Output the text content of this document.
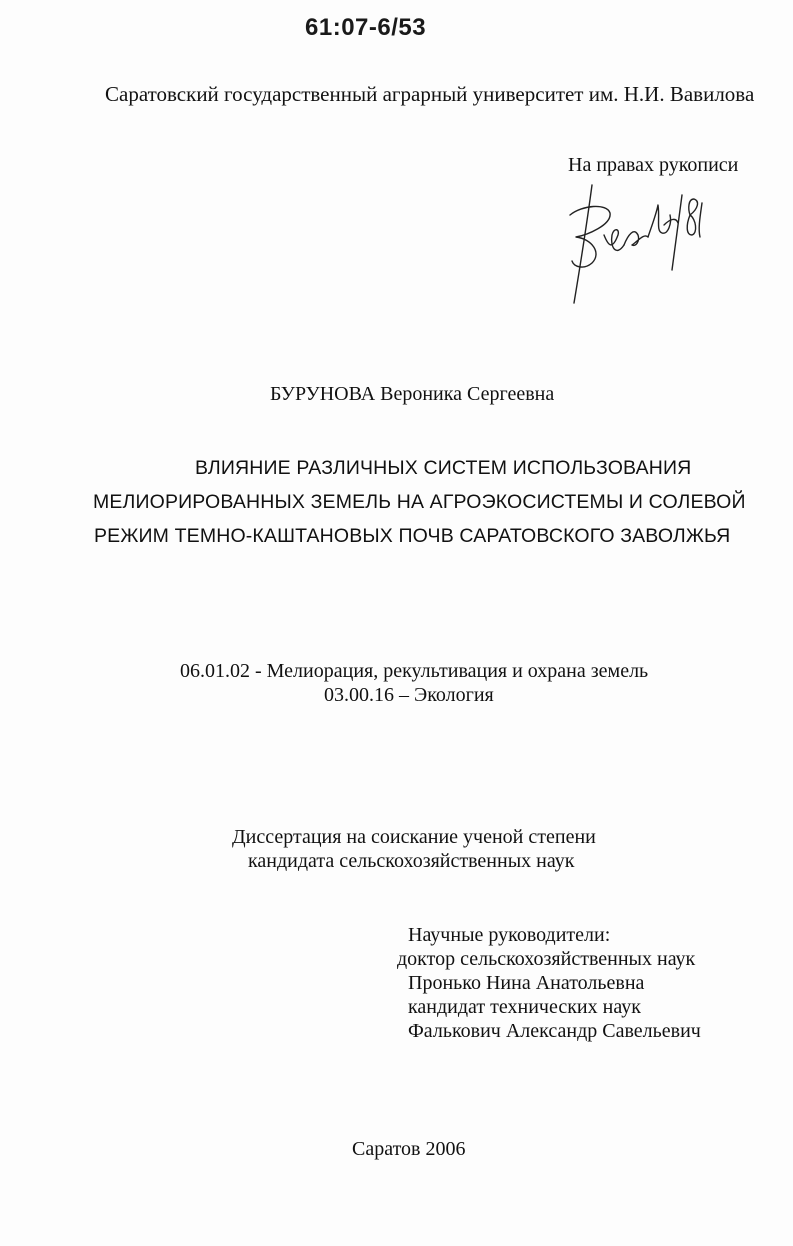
61:07-6/53
Саратовский государственный аграрный университет им. Н.И. Вавилова
На правах рукописи
БУРУНОВА Вероника Сергеевна
ВЛИЯНИЕ РАЗЛИЧНЫХ СИСТЕМ ИСПОЛЬЗОВАНИЯ
МЕЛИОРИРОВАННЫХ ЗЕМЕЛЬ НА АГРОЭКОСИСТЕМЫ И СОЛЕВОЙ
РЕЖИМ ТЕМНО-КАШТАНОВЫХ ПОЧВ САРАТОВСКОГО ЗАВОЛЖЬЯ
06.01.02 - Мелиорация, рекультивация и охрана земель
03.00.16 – Экология
Диссертация на соискание ученой степени
кандидата сельскохозяйственных наук
Научные руководители:
доктор сельскохозяйственных наук
Пронько Нина Анатольевна
кандидат технических наук
Фалькович Александр Савельевич
Саратов 2006
